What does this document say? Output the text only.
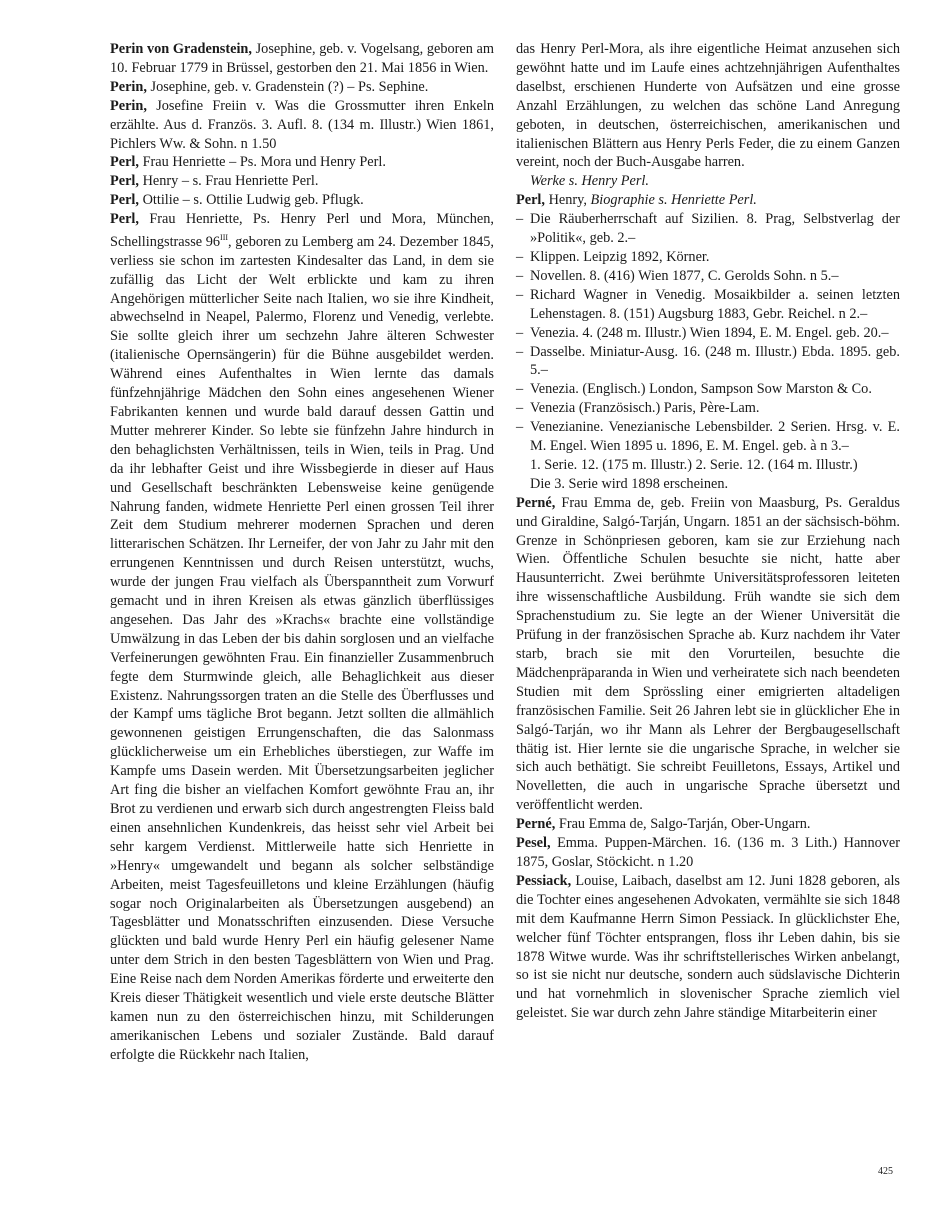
Perin von Gradenstein, Josephine, geb. v. Vogelsang, geboren am 10. Februar 1779 in Brüssel, gestorben den 21. Mai 1856 in Wien.

Perin, Josephine, geb. v. Gradenstein (?) – Ps. Sephine.

Perin, Josefine Freiin v. Was die Grossmutter ihren Enkeln erzählte. Aus d. Französ. 3. Aufl. 8. (134 m. Illustr.) Wien 1861, Pichlers Ww. & Sohn. n 1.50

Perl, Frau Henriette – Ps. Mora und Henry Perl.

Perl, Henry – s. Frau Henriette Perl.

Perl, Ottilie – s. Ottilie Ludwig geb. Pflugk.

Perl, Frau Henriette, Ps. Henry Perl und Mora, München, Schellingstrasse $96^{III}$, geboren zu Lemberg am 24. Dezember 1845, verliess sie schon im zartesten Kindesalter das Land, in dem sie zufällig das Licht der Welt erblickte und kam zu ihren Angehörigen mütterlicher Seite nach Italien, wo sie ihre Kindheit, abwechselnd in Neapel, Palermo, Florenz und Venedig, verlebte. Sie sollte gleich ihrer um sechzehn Jahre älteren Schwester (italienische Opernsängerin) für die Bühne ausgebildet werden. Während eines Aufenthaltes in Wien lernte das damals fünfzehnjährige Mädchen den Sohn eines angesehenen Wiener Fabrikanten kennen und wurde bald darauf dessen Gattin und Mutter mehrerer Kinder. So lebte sie fünfzehn Jahre hindurch in den behaglichsten Verhältnissen, teils in Wien, teils in Prag. Und da ihr lebhafter Geist und ihre Wissbegierde in dieser auf Haus und Gesellschaft beschränkten Lebensweise keine genügende Nahrung fanden, widmete Henriette Perl einen grossen Teil ihrer Zeit dem Studium mehrerer modernen Sprachen und deren litterarischen Schätzen. Ihr Lerneifer, der von Jahr zu Jahr mit den errungenen Kenntnissen und durch Reisen unterstützt, wuchs, wurde der jungen Frau vielfach als Überspanntheit zum Vorwurf gemacht und in ihren Kreisen als etwas gänzlich überflüssiges angesehen. Das Jahr des »Krachs« brachte eine vollständige Umwälzung in das Leben der bis dahin sorglosen und an vielfache Verfeinerungen gewöhnten Frau. Ein finanzieller Zusammenbruch fegte dem Sturmwinde gleich, alle Behaglichkeit aus dieser Existenz. Nahrungssorgen traten an die Stelle des Überflusses und der Kampf ums tägliche Brot begann. Jetzt sollten die allmählich gewonnenen geistigen Errungenschaften, die das Salonmass glücklicherweise um ein Erhebliches überstiegen, zur Waffe im Kampfe ums Dasein werden. Mit Übersetzungsarbeiten jeglicher Art fing die bisher an vielfachen Komfort gewöhnte Frau an, ihr Brot zu verdienen und erwarb sich durch angestrengten Fleiss bald einen ansehnlichen Kundenkreis, das heisst sehr viel Arbeit bei sehr kargem Verdienst. Mittlerweile hatte sich Henriette in »Henry« umgewandelt und begann als solcher selbständige Arbeiten, meist Tagesfeuilletons und kleine Erzählungen (häufig sogar noch Originalarbeiten als Übersetzungen ausgebend) an Tagesblätter und Monatsschriften einzusenden. Diese Versuche glückten und bald wurde Henry Perl ein häufig gelesener Name unter dem Strich in den besten Tagesblättern von Wien und Prag. Eine Reise nach dem Norden Amerikas förderte und erweiterte den Kreis dieser Thätigkeit wesentlich und viele erste deutsche Blätter kamen nun zu den österreichischen hinzu, mit Schilderungen amerikanischen Lebens und sozialer Zustände. Bald darauf erfolgte die Rückkehr nach Italien,

das Henry Perl-Mora, als ihre eigentliche Heimat anzusehen sich gewöhnt hatte und im Laufe eines achtzehnjährigen Aufenthaltes daselbst, erschienen Hunderte von Aufsätzen und eine grosse Anzahl Erzählungen, zu welchen das schöne Land Anregung geboten, in deutschen, österreichischen, amerikanischen und italienischen Blättern aus Henry Perls Feder, die zu einem Ganzen vereint, noch der Buch-Ausgabe harren.

Werke s. Henry Perl.

Perl, Henry, Biographie s. Henriette Perl.

– Die Räuberherrschaft auf Sizilien. 8. Prag, Selbstverlag der »Politik«, geb. 2.–

– Klippen. Leipzig 1892, Körner.

– Novellen. 8. (416) Wien 1877, C. Gerolds Sohn. n 5.–

– Richard Wagner in Venedig. Mosaikbilder a. seinen letzten Lehenstagen. 8. (151) Augsburg 1883, Gebr. Reichel. n 2.–

– Venezia. 4. (248 m. Illustr.) Wien 1894, E. M. Engel. geb. 20.–

– Dasselbe. Miniatur-Ausg. 16. (248 m. Illustr.) Ebda. 1895. geb. 5.–

– Venezia. (Englisch.) London, Sampson Sow Marston & Co.

– Venezia (Französisch.) Paris, Père-Lam.

– Venezianine. Venezianische Lebensbilder. 2 Serien. Hrsg. v. E. M. Engel. Wien 1895 u. 1896, E. M. Engel. geb. à n 3.–

1. Serie. 12. (175 m. Illustr.) 2. Serie. 12. (164 m. Illustr.)

Die 3. Serie wird 1898 erscheinen.

Perné, Frau Emma de, geb. Freiin von Maasburg, Ps. Geraldus und Giraldine, Salgó-Tarján, Ungarn. 1851 an der sächsisch-böhm. Grenze in Schönpriesen geboren, kam sie zur Erziehung nach Wien. Öffentliche Schulen besuchte sie nicht, hatte aber Hausunterricht. Zwei berühmte Universitätsprofessoren leiteten ihre wissenschaftliche Ausbildung. Früh wandte sie sich dem Sprachenstudium zu. Sie legte an der Wiener Universität die Prüfung in der französischen Sprache ab. Kurz nachdem ihr Vater starb, brach sie mit den Vorurteilen, besuchte die Mädchenpräparanda in Wien und verheiratete sich nach beendeten Studien mit dem Sprössling einer emigrierten altadeligen französischen Familie. Seit 26 Jahren lebt sie in glücklicher Ehe in Salgó-Tarján, wo ihr Mann als Lehrer der Bergbaugesellschaft thätig ist. Hier lernte sie die ungarische Sprache, in welcher sie sich auch bethätigt. Sie schreibt Feuilletons, Essays, Artikel und Novelletten, die auch in ungarische Sprache übersetzt und veröffentlicht werden.

Perné, Frau Emma de, Salgo-Tarján, Ober-Ungarn.

Pesel, Emma. Puppen-Märchen. 16. (136 m. 3 Lith.) Hannover 1875, Goslar, Stöckicht. n 1.20

Pessiack, Louise, Laibach, daselbst am 12. Juni 1828 geboren, als die Tochter eines angesehenen Advokaten, vermählte sie sich 1848 mit dem Kaufmanne Herrn Simon Pessiack. In glücklichster Ehe, welcher fünf Töchter entsprangen, floss ihr Leben dahin, bis sie 1878 Witwe wurde. Was ihr schriftstellerisches Wirken anbelangt, so ist sie nicht nur deutsche, sondern auch südslavische Dichterin und hat vornehmlich in slovenischer Sprache ziemlich viel geleistet. Sie war durch zehn Jahre ständige Mitarbeiterin einer

425
